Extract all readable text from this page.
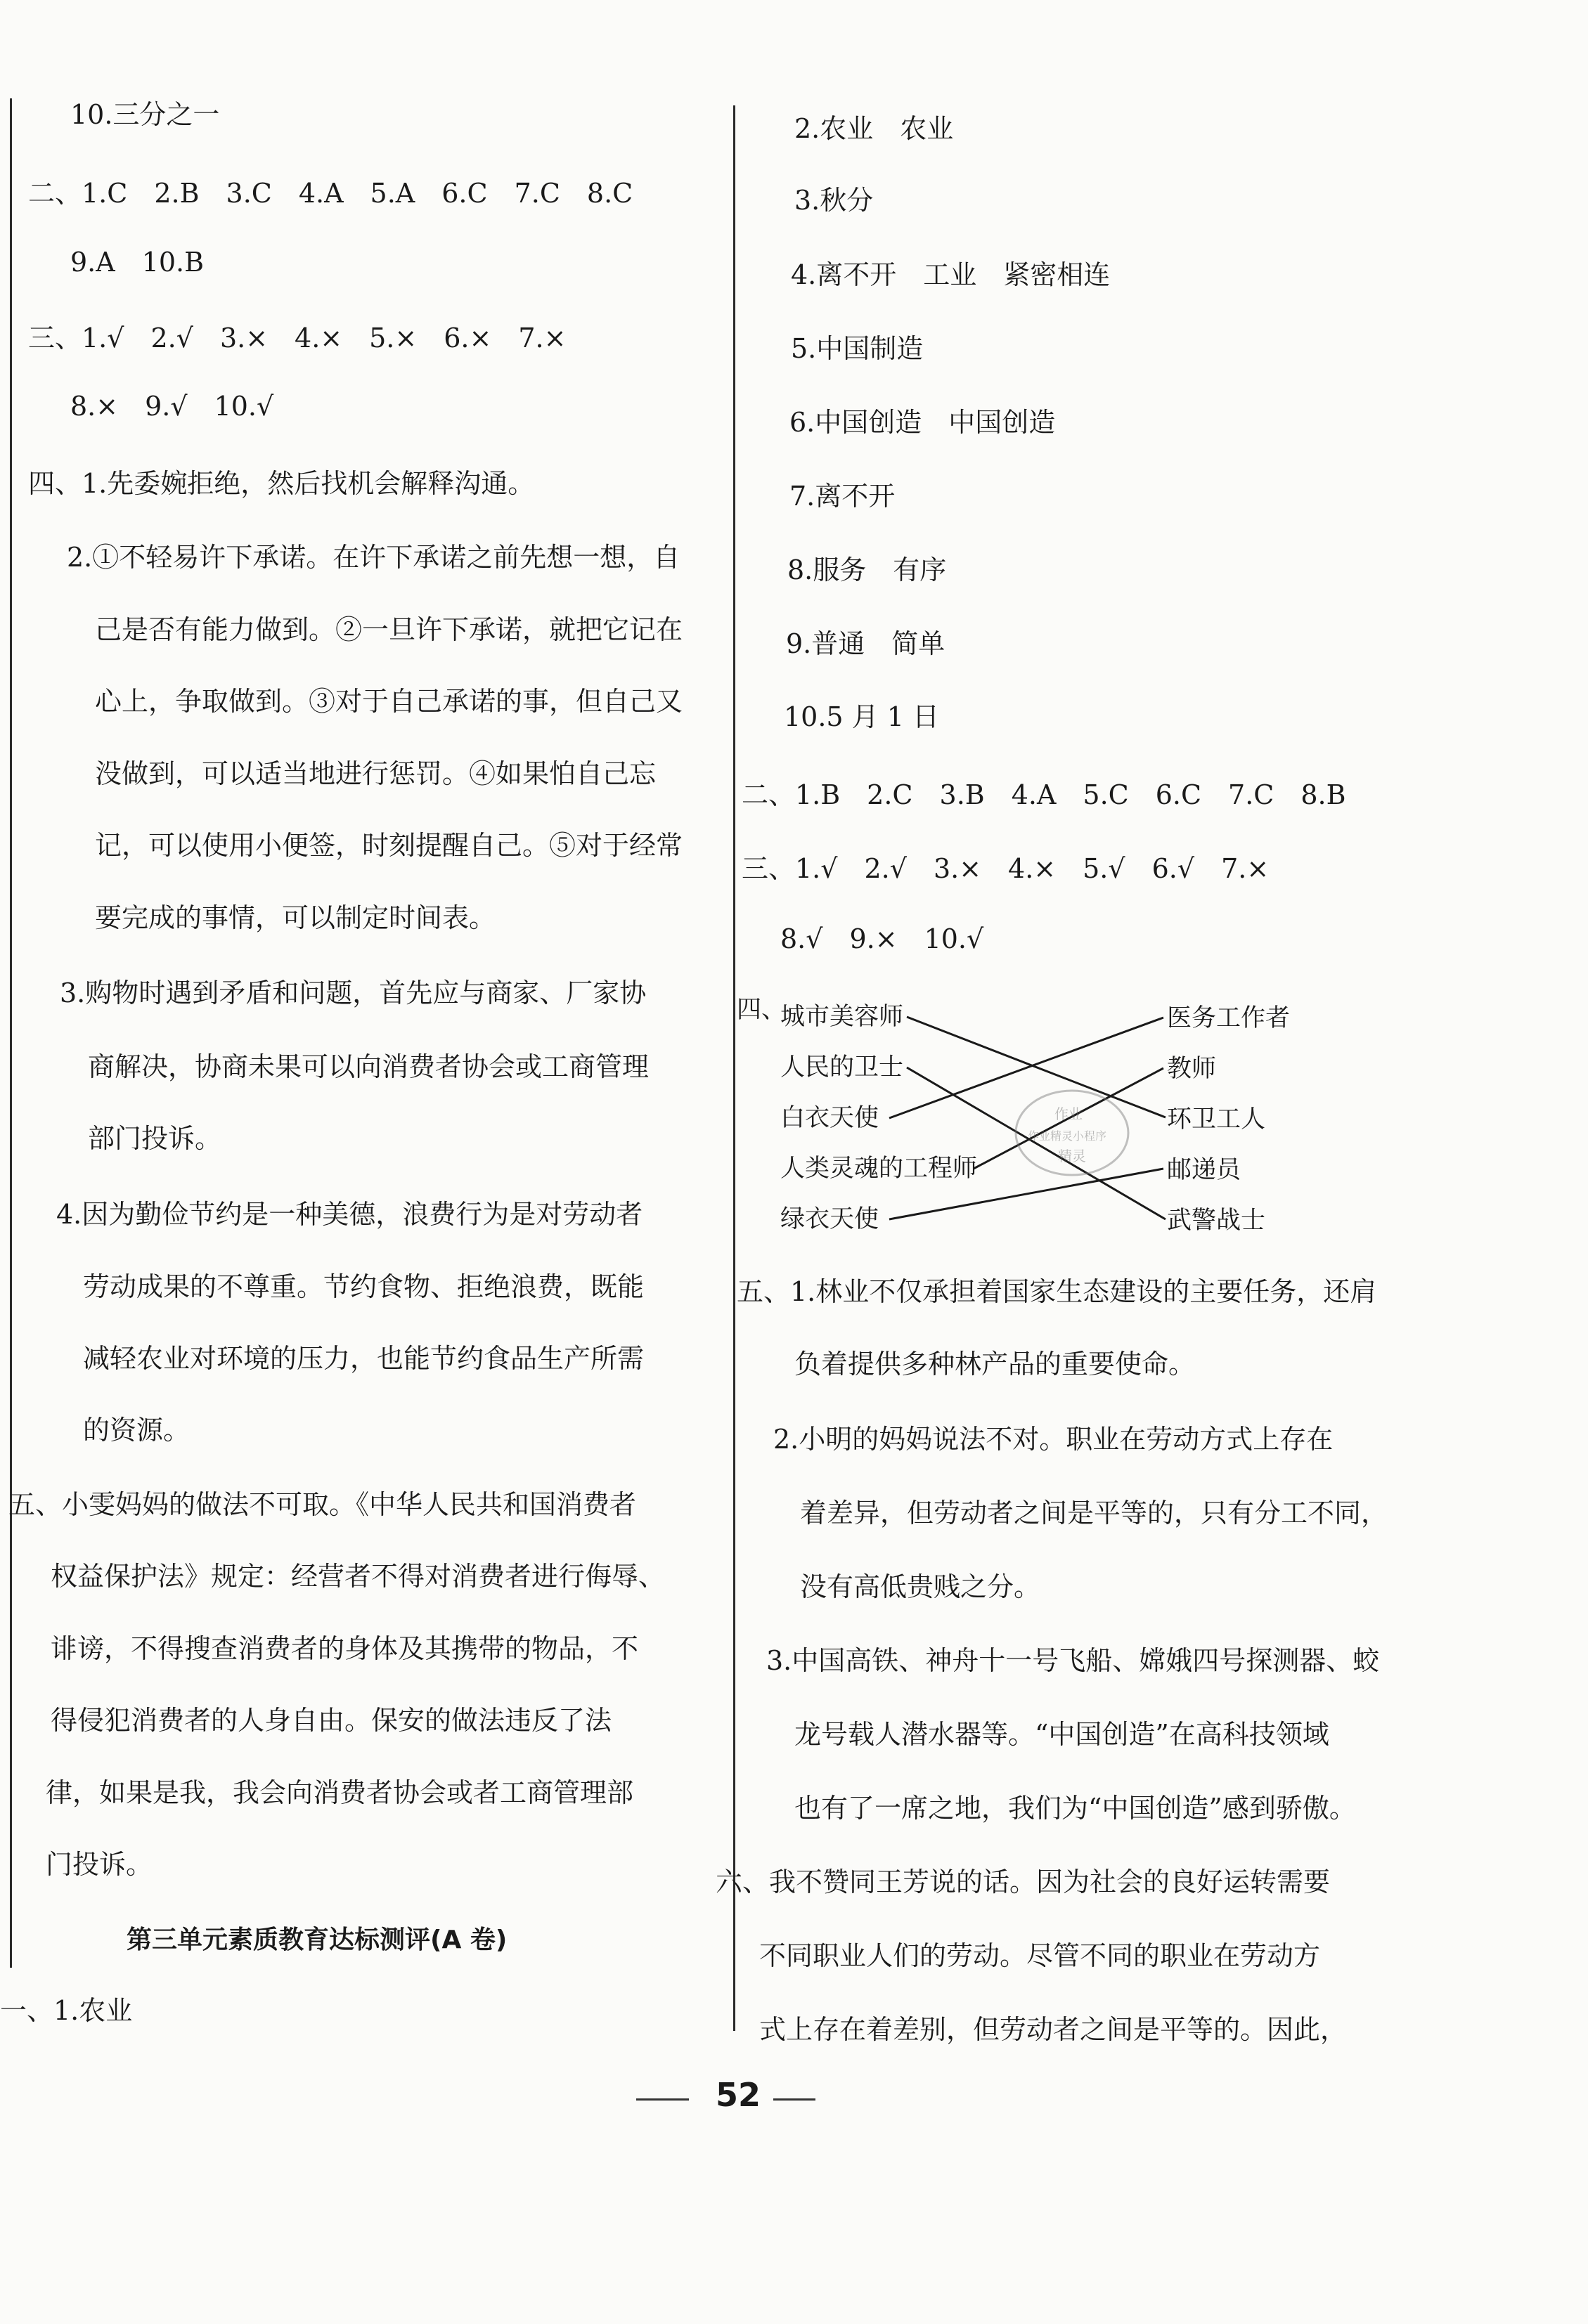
10.三分之一
二、1.C　2.B　3.C　4.A　5.A　6.C　7.C　8.C
9.A　10.B
三、1.√　2.√　3.×　4.×　5.×　6.×　7.×
8.×　9.√　10.√
四、1.先委婉拒绝，然后找机会解释沟通。
2.①不轻易许下承诺。在许下承诺之前先想一想，自
己是否有能力做到。②一旦许下承诺，就把它记在
心上，争取做到。③对于自己承诺的事，但自己又
没做到，可以适当地进行惩罚。④如果怕自己忘
记，可以使用小便签，时刻提醒自己。⑤对于经常
要完成的事情，可以制定时间表。
3.购物时遇到矛盾和问题，首先应与商家、厂家协
商解决，协商未果可以向消费者协会或工商管理
部门投诉。
4.因为勤俭节约是一种美德，浪费行为是对劳动者
劳动成果的不尊重。节约食物、拒绝浪费，既能
减轻农业对环境的压力，也能节约食品生产所需
的资源。
五、小雯妈妈的做法不可取。《中华人民共和国消费者
权益保护法》规定：经营者不得对消费者进行侮辱、
诽谤，不得搜查消费者的身体及其携带的物品，不
得侵犯消费者的人身自由。保安的做法违反了法
律，如果是我，我会向消费者协会或者工商管理部
门投诉。
第三单元素质教育达标测评(A 卷)
一、1.农业
2.农业　农业
3.秋分
4.离不开　工业　紧密相连
5.中国制造
6.中国创造　中国创造
7.离不开
8.服务　有序
9.普通　简单
10.5 月 1 日
二、1.B　2.C　3.B　4.A　5.C　6.C　7.C　8.B
三、1.√　2.√　3.×　4.×　5.√　6.√　7.×
8.√　9.×　10.√
四、
城市美容师
人民的卫士
白衣天使
人类灵魂的工程师
绿衣天使
医务工作者
教师
环卫工人
邮递员
武警战士
作业
作业精灵小程序
精灵
五、1.林业不仅承担着国家生态建设的主要任务，还肩
负着提供多种林产品的重要使命。
2.小明的妈妈说法不对。职业在劳动方式上存在
着差异，但劳动者之间是平等的，只有分工不同，
没有高低贵贱之分。
3.中国高铁、神舟十一号飞船、嫦娥四号探测器、蛟
龙号载人潜水器等。“中国创造”在高科技领域
也有了一席之地，我们为“中国创造”感到骄傲。
六、我不赞同王芳说的话。因为社会的良好运转需要
不同职业人们的劳动。尽管不同的职业在劳动方
式上存在着差别，但劳动者之间是平等的。因此，
52
